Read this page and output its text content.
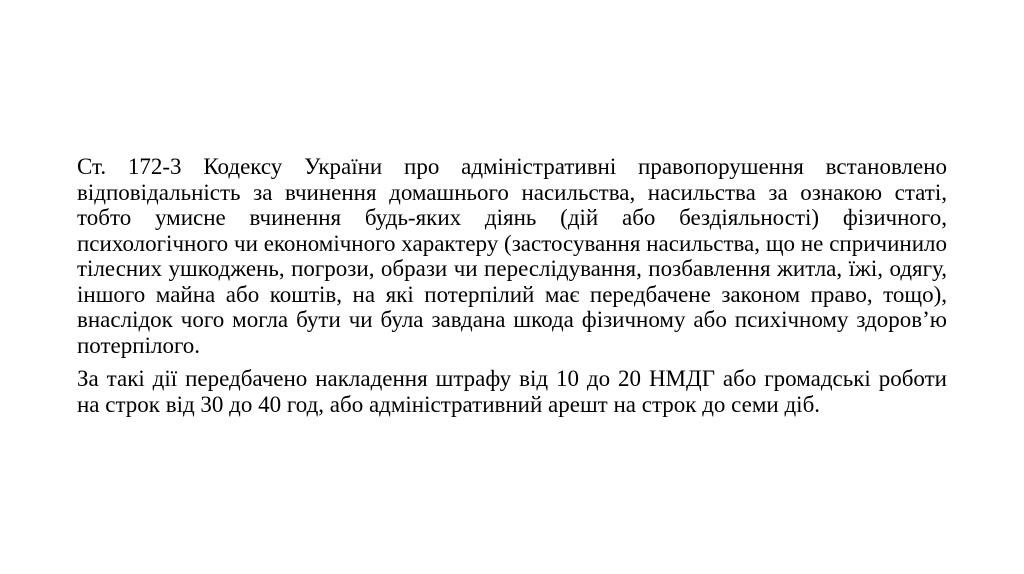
Ст. 172-3 Кодексу України про адміністративні правопорушення встановлено відповідальність за вчинення домашнього насильства, насильства за ознакою статі, тобто умисне вчинення будь-яких діянь (дій або бездіяльності) фізичного, психологічного чи економічного характеру (застосування насильства, що не спричинило тілесних ушкоджень, погрози, образи чи переслідування, позбавлення житла, їжі, одягу, іншого майна або коштів, на які потерпілий має передбачене законом право, тощо), внаслідок чого могла бути чи була завдана шкода фізичному або психічному здоров’ю потерпілого.

За такі дії передбачено накладення штрафу від 10 до 20 НМДГ або громадські роботи на строк від 30 до 40 год, або адміністративний арешт на строк до семи діб.
